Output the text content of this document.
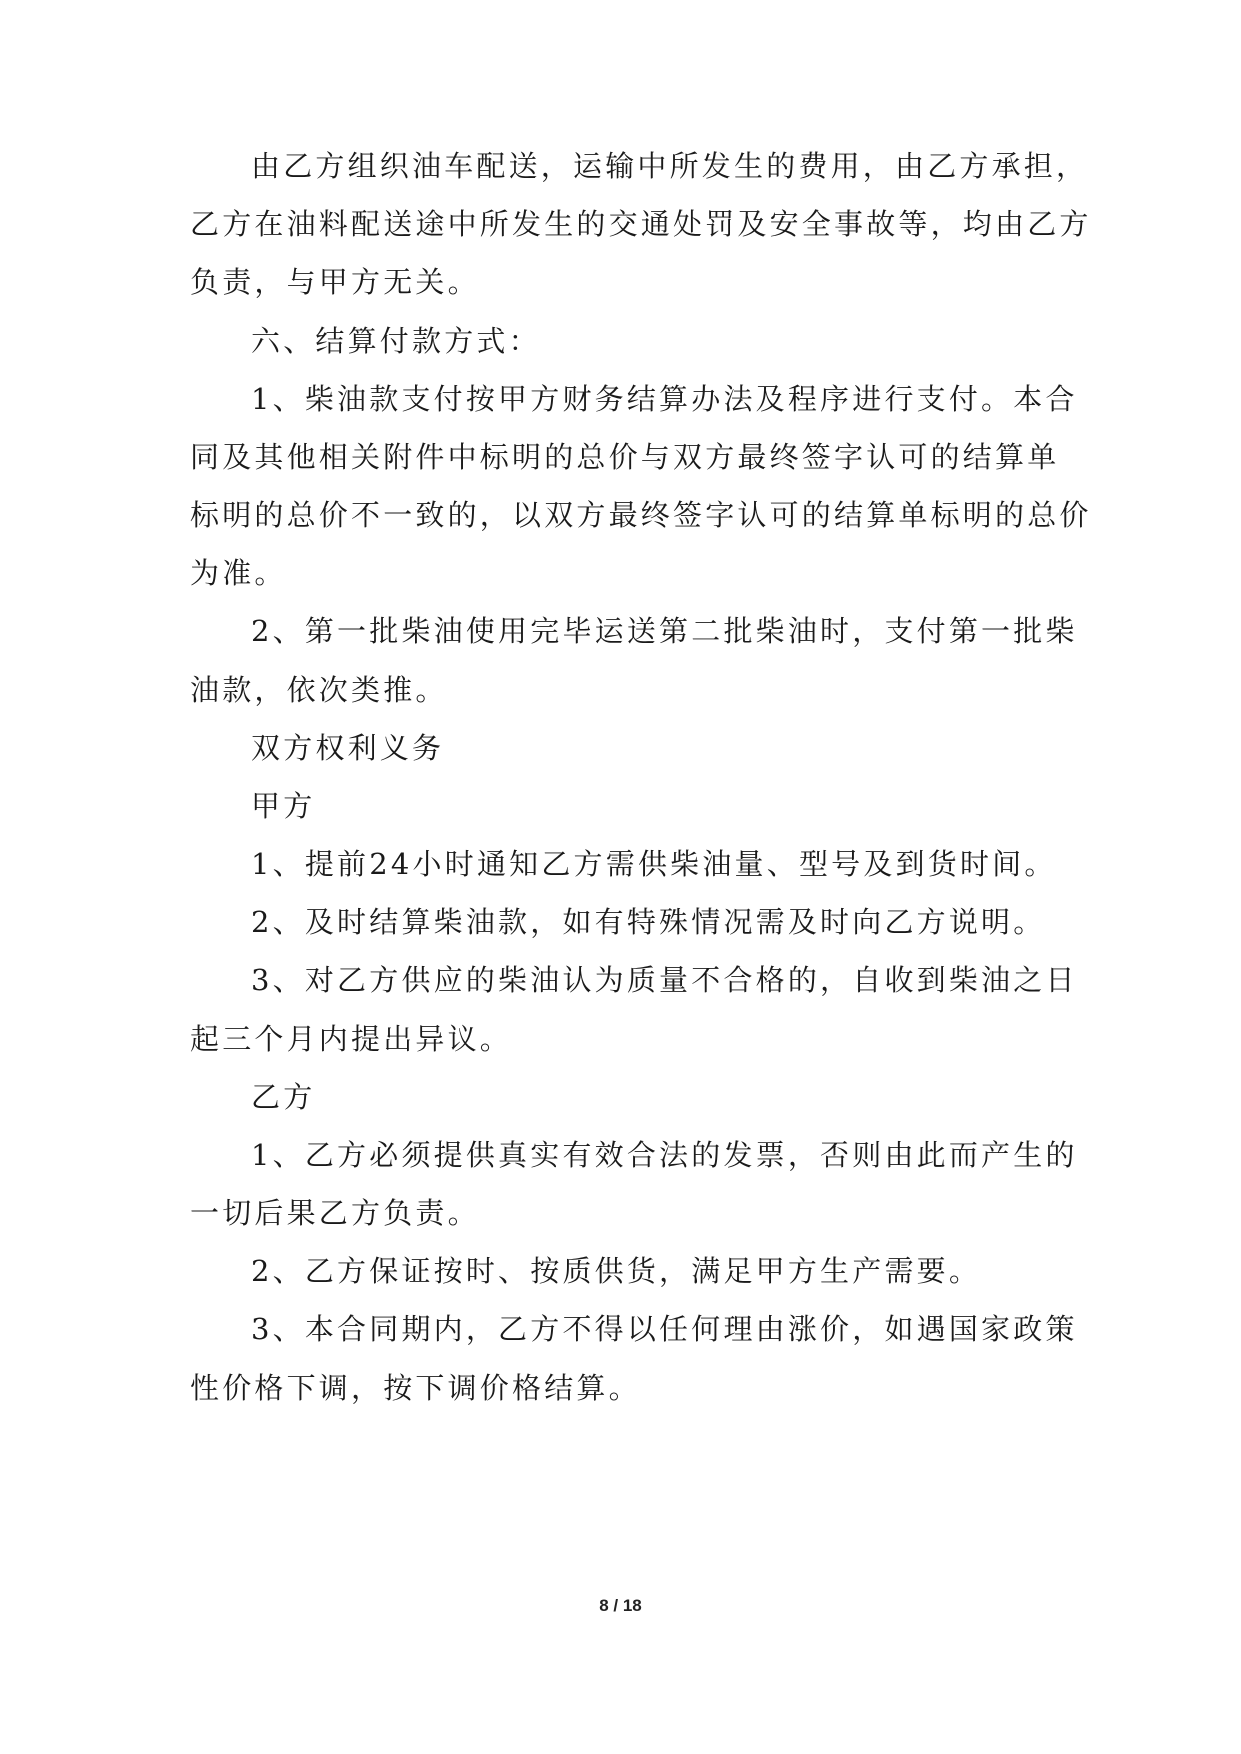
由乙方组织油车配送，运输中所发生的费用，由乙方承担，
乙方在油料配送途中所发生的交通处罚及安全事故等，均由乙方
负责，与甲方无关。
六、结算付款方式：
1、柴油款支付按甲方财务结算办法及程序进行支付。本合
同及其他相关附件中标明的总价与双方最终签字认可的结算单
标明的总价不一致的，以双方最终签字认可的结算单标明的总价
为准。
2、第一批柴油使用完毕运送第二批柴油时，支付第一批柴
油款，依次类推。
双方权利义务
甲方
1、提前24小时通知乙方需供柴油量、型号及到货时间。
2、及时结算柴油款，如有特殊情况需及时向乙方说明。
3、对乙方供应的柴油认为质量不合格的，自收到柴油之日
起三个月内提出异议。
乙方
1、乙方必须提供真实有效合法的发票，否则由此而产生的
一切后果乙方负责。
2、乙方保证按时、按质供货，满足甲方生产需要。
3、本合同期内，乙方不得以任何理由涨价，如遇国家政策
性价格下调，按下调价格结算。
8 / 18
